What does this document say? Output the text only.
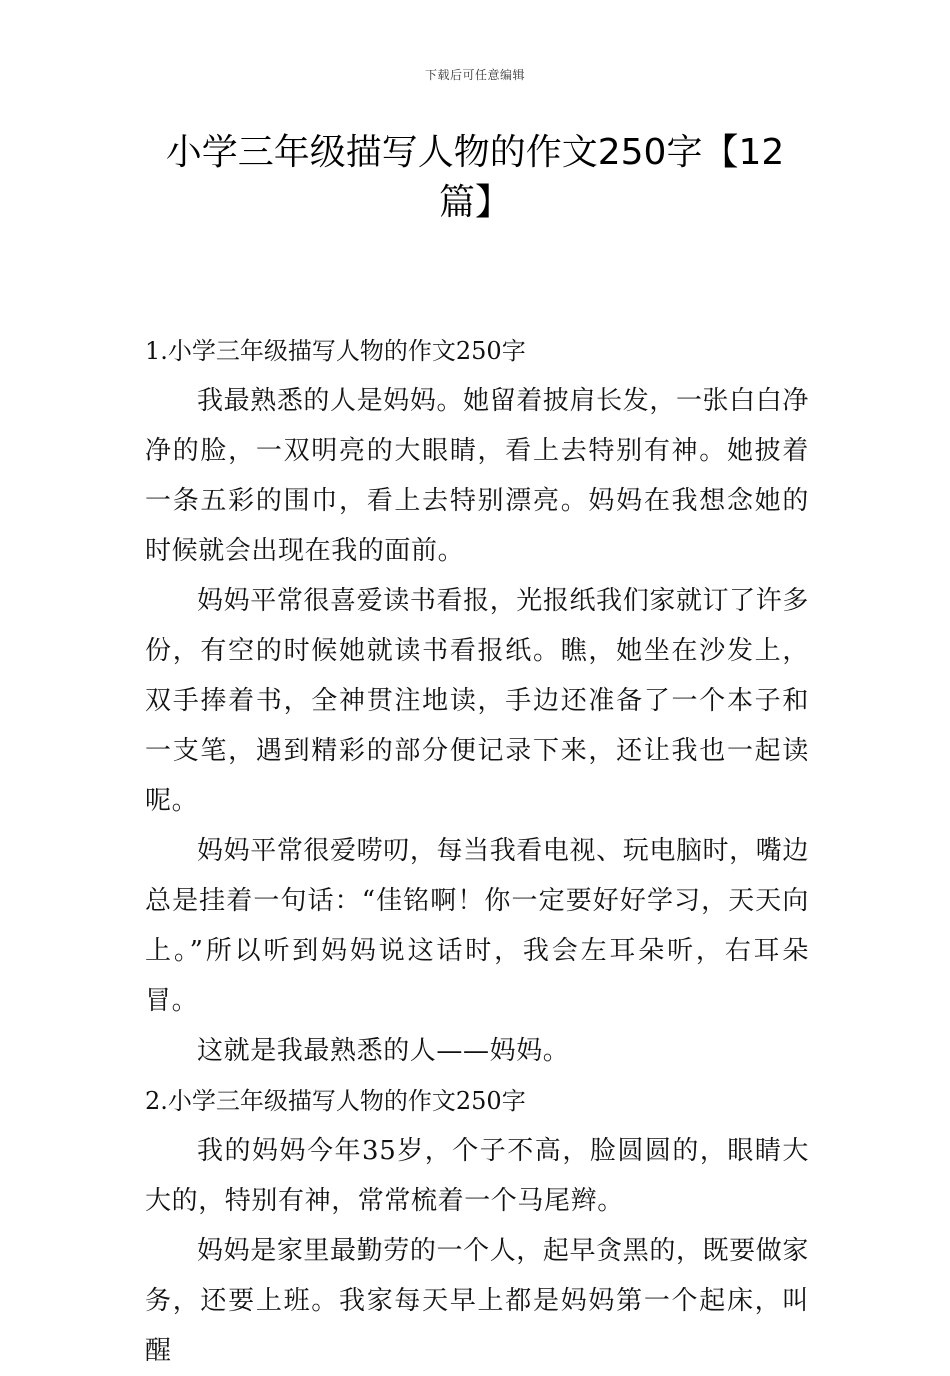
下载后可任意编辑
小学三年级描写人物的作文250字【12篇】

1.小学三年级描写人物的作文250字

我最熟悉的人是妈妈。她留着披肩长发，一张白白净净的脸，一双明亮的大眼睛，看上去特别有神。她披着一条五彩的围巾，看上去特别漂亮。妈妈在我想念她的时候就会出现在我的面前。

妈妈平常很喜爱读书看报，光报纸我们家就订了许多份，有空的时候她就读书看报纸。瞧，她坐在沙发上，双手捧着书，全神贯注地读，手边还准备了一个本子和一支笔，遇到精彩的部分便记录下来，还让我也一起读呢。

妈妈平常很爱唠叨，每当我看电视、玩电脑时，嘴边总是挂着一句话：“佳铭啊！你一定要好好学习，天天向上。”所以听到妈妈说这话时，我会左耳朵听，右耳朵冒。

这就是我最熟悉的人——妈妈。

2.小学三年级描写人物的作文250字

我的妈妈今年35岁，个子不高，脸圆圆的，眼睛大大的，特别有神，常常梳着一个马尾辫。

妈妈是家里最勤劳的一个人，起早贪黑的，既要做家务，还要上班。我家每天早上都是妈妈第一个起床，叫醒
